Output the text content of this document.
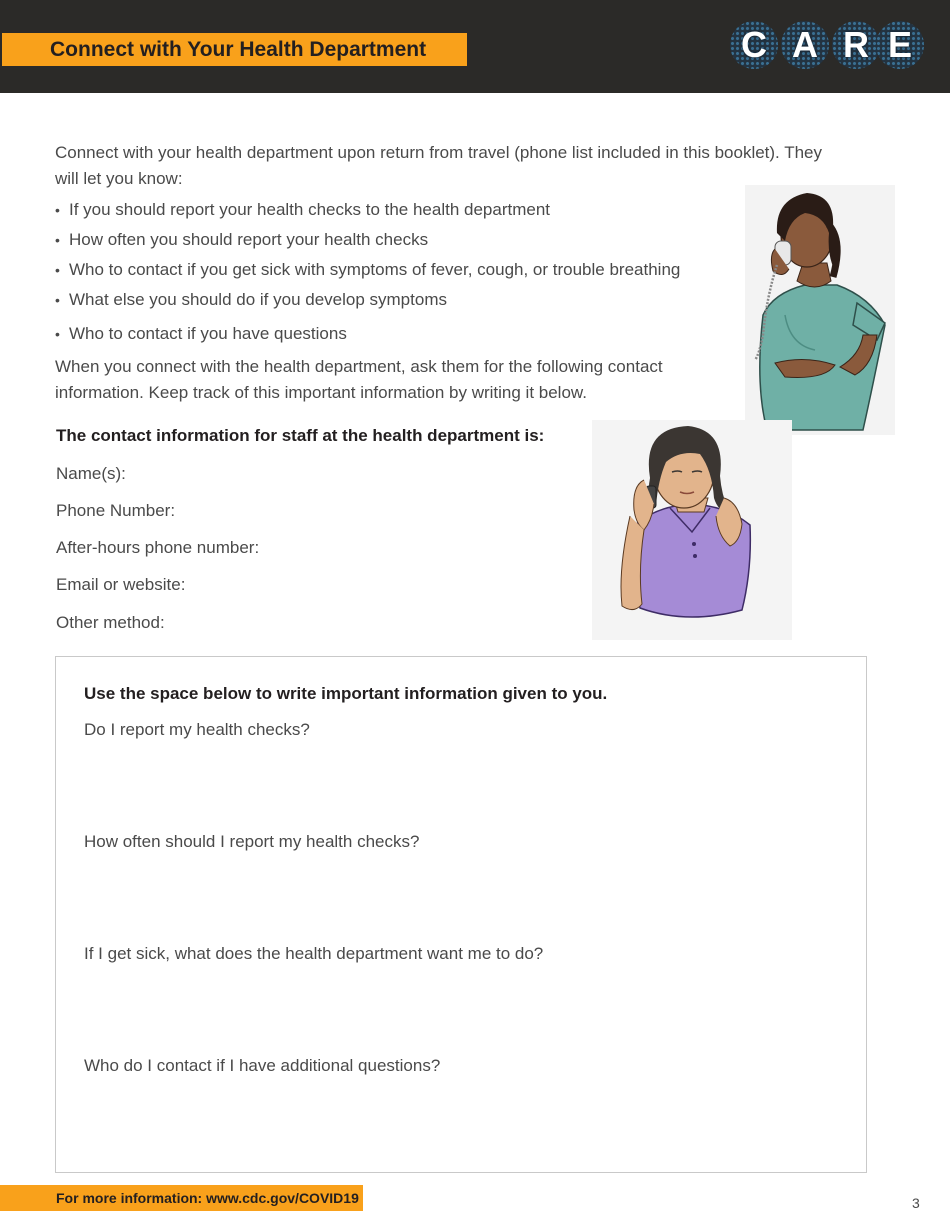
Connect with Your Health Department	C A R E
Connect with your health department upon return from travel (phone list included in this booklet). They will let you know:
• If you should report your health checks to the health department
• How often you should report your health checks
• Who to contact if you get sick with symptoms of fever, cough, or trouble breathing
• What else you should do if you develop symptoms
• Who to contact if you have questions
When you connect with the health department, ask them for the following contact information. Keep track of this important information by writing it below.
The contact information for staff at the health department is:
Name(s):
Phone Number:
After-hours phone number:
Email or website:
Other method:
Use the space below to write important information given to you.
Do I report my health checks?
How often should I report my health checks?
If I get sick, what does the health department want me to do?
Who do I contact if I have additional questions?
For more information: www.cdc.gov/COVID19	3
